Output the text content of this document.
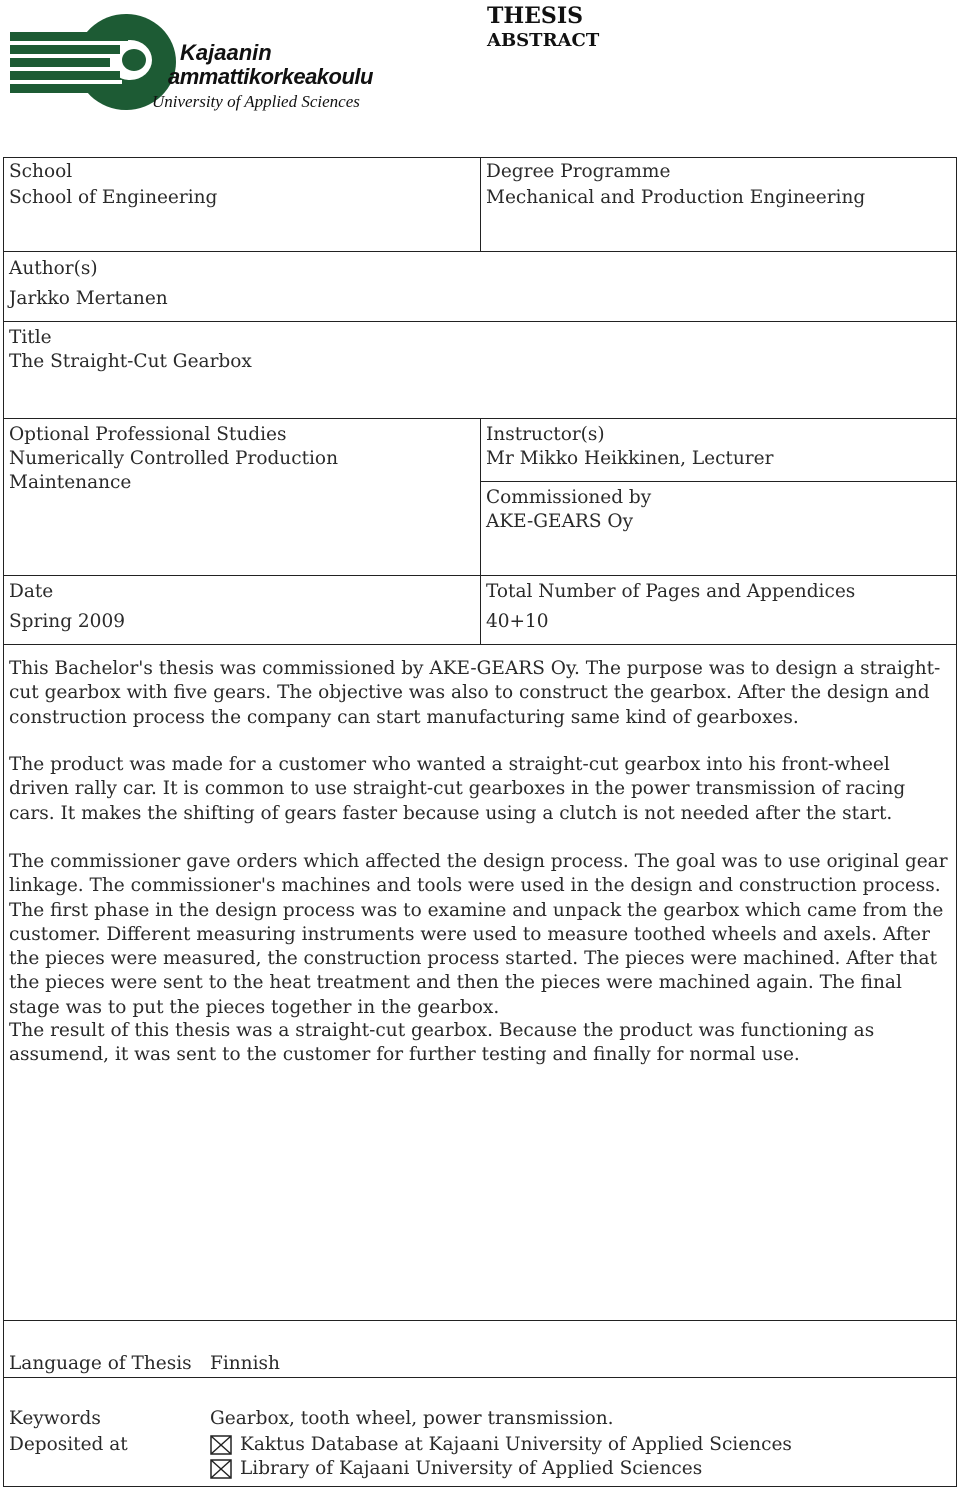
Kajaanin
ammattikorkeakoulu
University of Applied Sciences
THESIS
ABSTRACT
School
School of Engineering
Degree Programme
Mechanical and Production Engineering
Author(s)
Jarkko Mertanen
Title
The Straight-Cut Gearbox
Optional Professional Studies
Numerically Controlled Production
Maintenance
Instructor(s)
Mr Mikko Heikkinen, Lecturer
Commissioned by
AKE-GEARS Oy
Date
Spring 2009
Total Number of Pages and Appendices
40+10
This Bachelor's thesis was commissioned by AKE-GEARS Oy. The purpose was to design a straight-cut gearbox with five gears. The objective was also to construct the gearbox. After the design and construction process the company can start manufacturing same kind of gearboxes.
The product was made for a customer who wanted a straight-cut gearbox into his front-wheel driven rally car. It is common to use straight-cut gearboxes in the power transmission of racing cars. It makes the shifting of gears faster because using a clutch is not needed after the start.
The commissioner gave orders which affected the design process. The goal was to use original gear linkage. The commissioner's machines and tools were used in the design and construction process. The first phase in the design process was to examine and unpack the gearbox which came from the customer. Different measuring instruments were used to measure toothed wheels and axels. After the pieces were measured, the construction process started. The pieces were machined. After that the pieces were sent to the heat treatment and then the pieces were machined again. The final stage was to put the pieces together in the gearbox.
The result of this thesis was a straight-cut gearbox. Because the product was functioning as assumend, it was sent to the customer for further testing and finally for normal use.
Language of Thesis Finnish
Keywords	Gearbox, tooth wheel, power transmission.
Deposited at	Kaktus Database at Kajaani University of Applied Sciences
Library of Kajaani University of Applied Sciences
